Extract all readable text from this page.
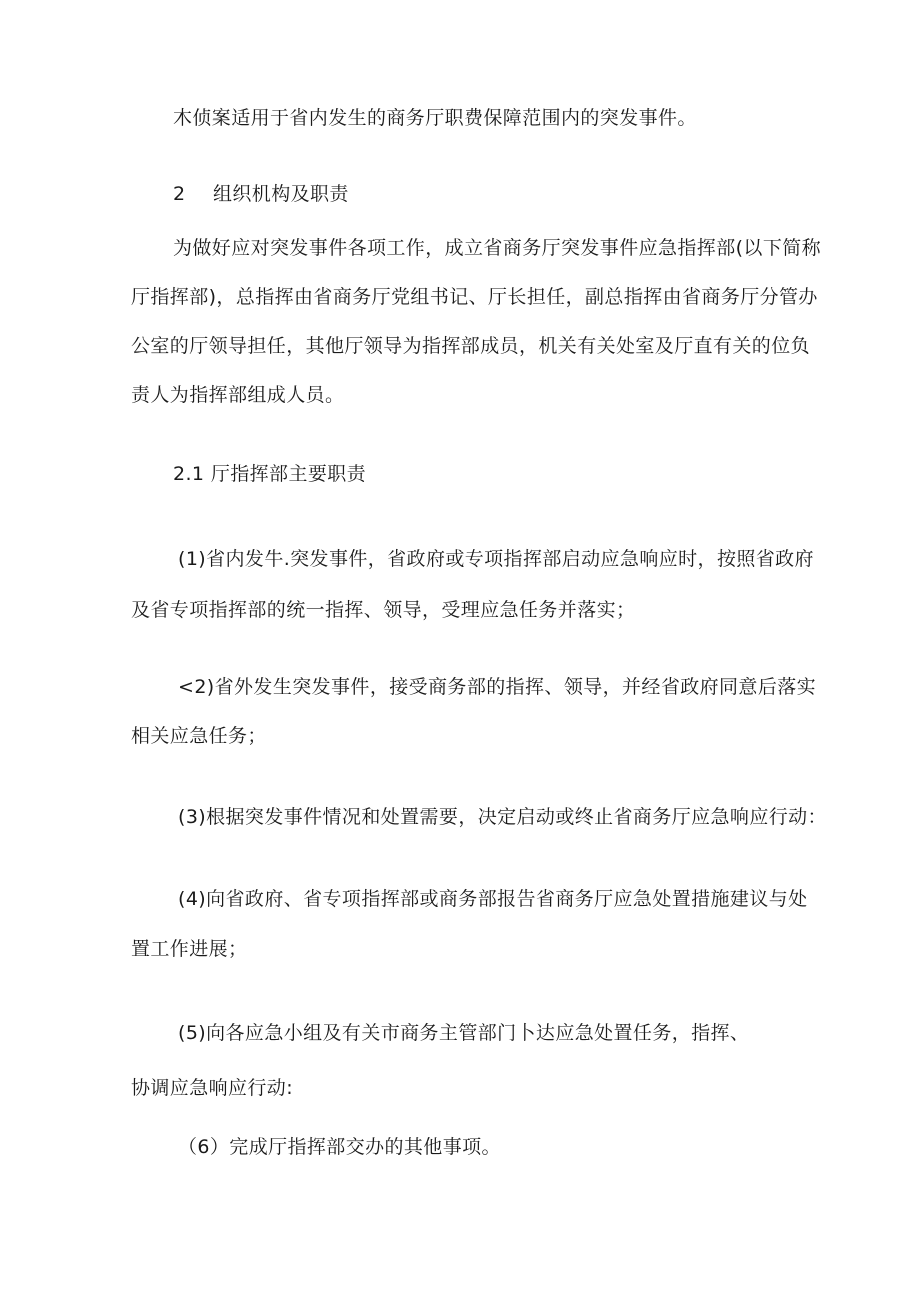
木侦案适用于省内发生的商务厅职费保障范围内的突发事件。

2 组织机构及职责

为做好应对突发事件各项工作，成立省商务厅突发事件应急指挥部(以下简称

厅指挥部)，总指挥由省商务厅党组书记、厅长担任，副总指挥由省商务厅分管办

公室的厅领导担任，其他厅领导为指挥部成员，机关有关处室及厅直有关的位负

责人为指挥部组成人员。

2.1 厅指挥部主要职责

(1)省内发牛.突发事件，省政府或专项指挥部启动应急响应时，按照省政府

及省专项指挥部的统一指挥、领导，受理应急任务并落实；

<2)省外发生突发事件，接受商务部的指挥、领导，并经省政府同意后落实

相关应急任务；

(3)根据突发事件情况和处置需要，决定启动或终止省商务厅应急响应行动：

(4)向省政府、省专项指挥部或商务部报告省商务厅应急处置措施建议与处

置工作进展；

(5)向各应急小组及有关市商务主管部门卜达应急处置任务，指挥、

协调应急响应行动:

（6）完成厅指挥部交办的其他事项。
